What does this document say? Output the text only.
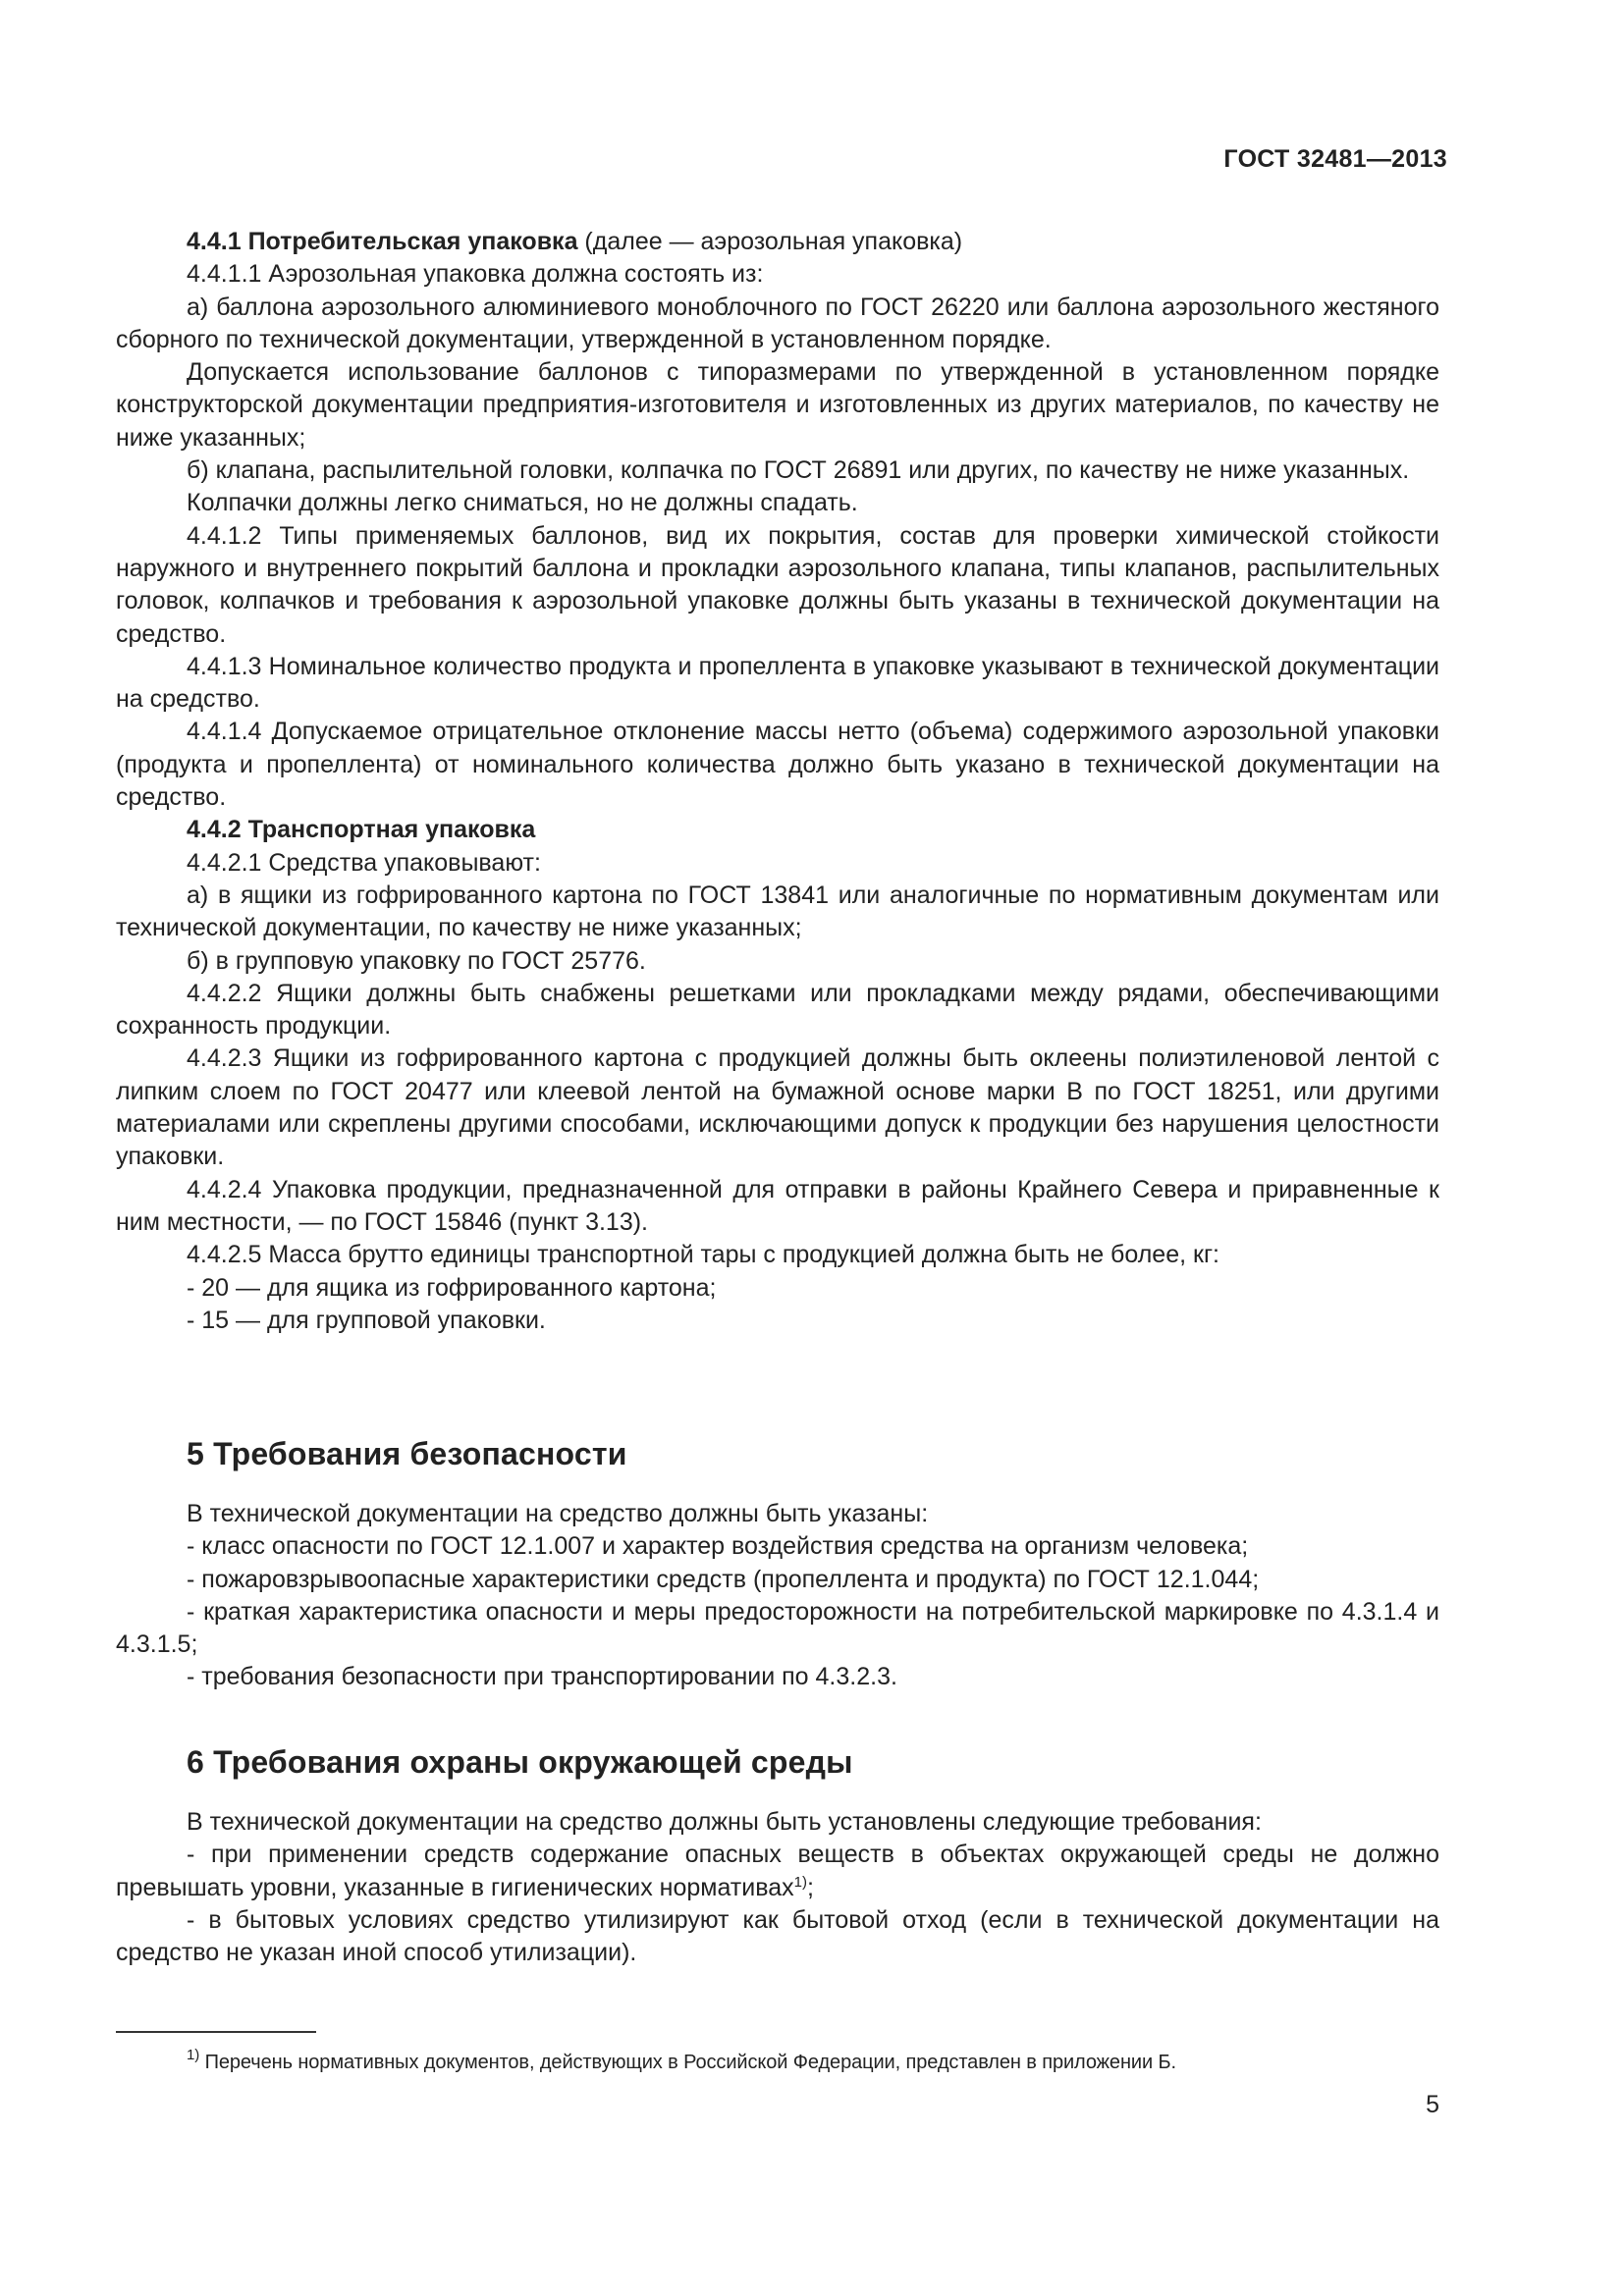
ГОСТ 32481—2013

4.4.1 Потребительская упаковка (далее — аэрозольная упаковка)

4.4.1.1 Аэрозольная упаковка должна состоять из:

а) баллона аэрозольного алюминиевого моноблочного по ГОСТ 26220 или баллона аэрозольного жестяного сборного по технической документации, утвержденной в установленном порядке.

Допускается использование баллонов с типоразмерами по утвержденной в установленном порядке конструкторской документации предприятия-изготовителя и изготовленных из других материалов, по качеству не ниже указанных;

б) клапана, распылительной головки, колпачка по ГОСТ 26891 или других, по качеству не ниже указанных.

Колпачки должны легко сниматься, но не должны спадать.

4.4.1.2 Типы применяемых баллонов, вид их покрытия, состав для проверки химической стойкости наружного и внутреннего покрытий баллона и прокладки аэрозольного клапана, типы клапанов, распылительных головок, колпачков и требования к аэрозольной упаковке должны быть указаны в технической документации на средство.

4.4.1.3 Номинальное количество продукта и пропеллента в упаковке указывают в технической документации на средство.

4.4.1.4 Допускаемое отрицательное отклонение массы нетто (объема) содержимого аэрозольной упаковки (продукта и пропеллента) от номинального количества должно быть указано в технической документации на средство.

4.4.2 Транспортная упаковка

4.4.2.1 Средства упаковывают:

а) в ящики из гофрированного картона по ГОСТ 13841 или аналогичные по нормативным документам или технической документации, по качеству не ниже указанных;

б) в групповую упаковку по ГОСТ 25776.

4.4.2.2 Ящики должны быть снабжены решетками или прокладками между рядами, обеспечивающими сохранность продукции.

4.4.2.3 Ящики из гофрированного картона с продукцией должны быть оклеены полиэтиленовой лентой с липким слоем по ГОСТ 20477 или клеевой лентой на бумажной основе марки В по ГОСТ 18251, или другими материалами или скреплены другими способами, исключающими допуск к продукции без нарушения целостности упаковки.

4.4.2.4 Упаковка продукции, предназначенной для отправки в районы Крайнего Севера и приравненные к ним местности, — по ГОСТ 15846 (пункт 3.13).

4.4.2.5 Масса брутто единицы транспортной тары с продукцией должна быть не более, кг:

- 20 — для ящика из гофрированного картона;

- 15 — для групповой упаковки.

5 Требования безопасности

В технической документации на средство должны быть указаны:

- класс опасности по ГОСТ 12.1.007 и характер воздействия средства на организм человека;

- пожаровзрывоопасные характеристики средств (пропеллента и продукта) по ГОСТ 12.1.044;

- краткая характеристика опасности и меры предосторожности на потребительской маркировке по 4.3.1.4 и 4.3.1.5;

- требования безопасности при транспортировании по 4.3.2.3.

6 Требования охраны окружающей среды

В технической документации на средство должны быть установлены следующие требования:

- при применении средств содержание опасных веществ в объектах окружающей среды не должно превышать уровни, указанные в гигиенических нормативах$^{1)}$;

- в бытовых условиях средство утилизируют как бытовой отход (если в технической документации на средство не указан иной способ утилизации).

$^{1)}$ Перечень нормативных документов, действующих в Российской Федерации, представлен в приложении Б.
5
